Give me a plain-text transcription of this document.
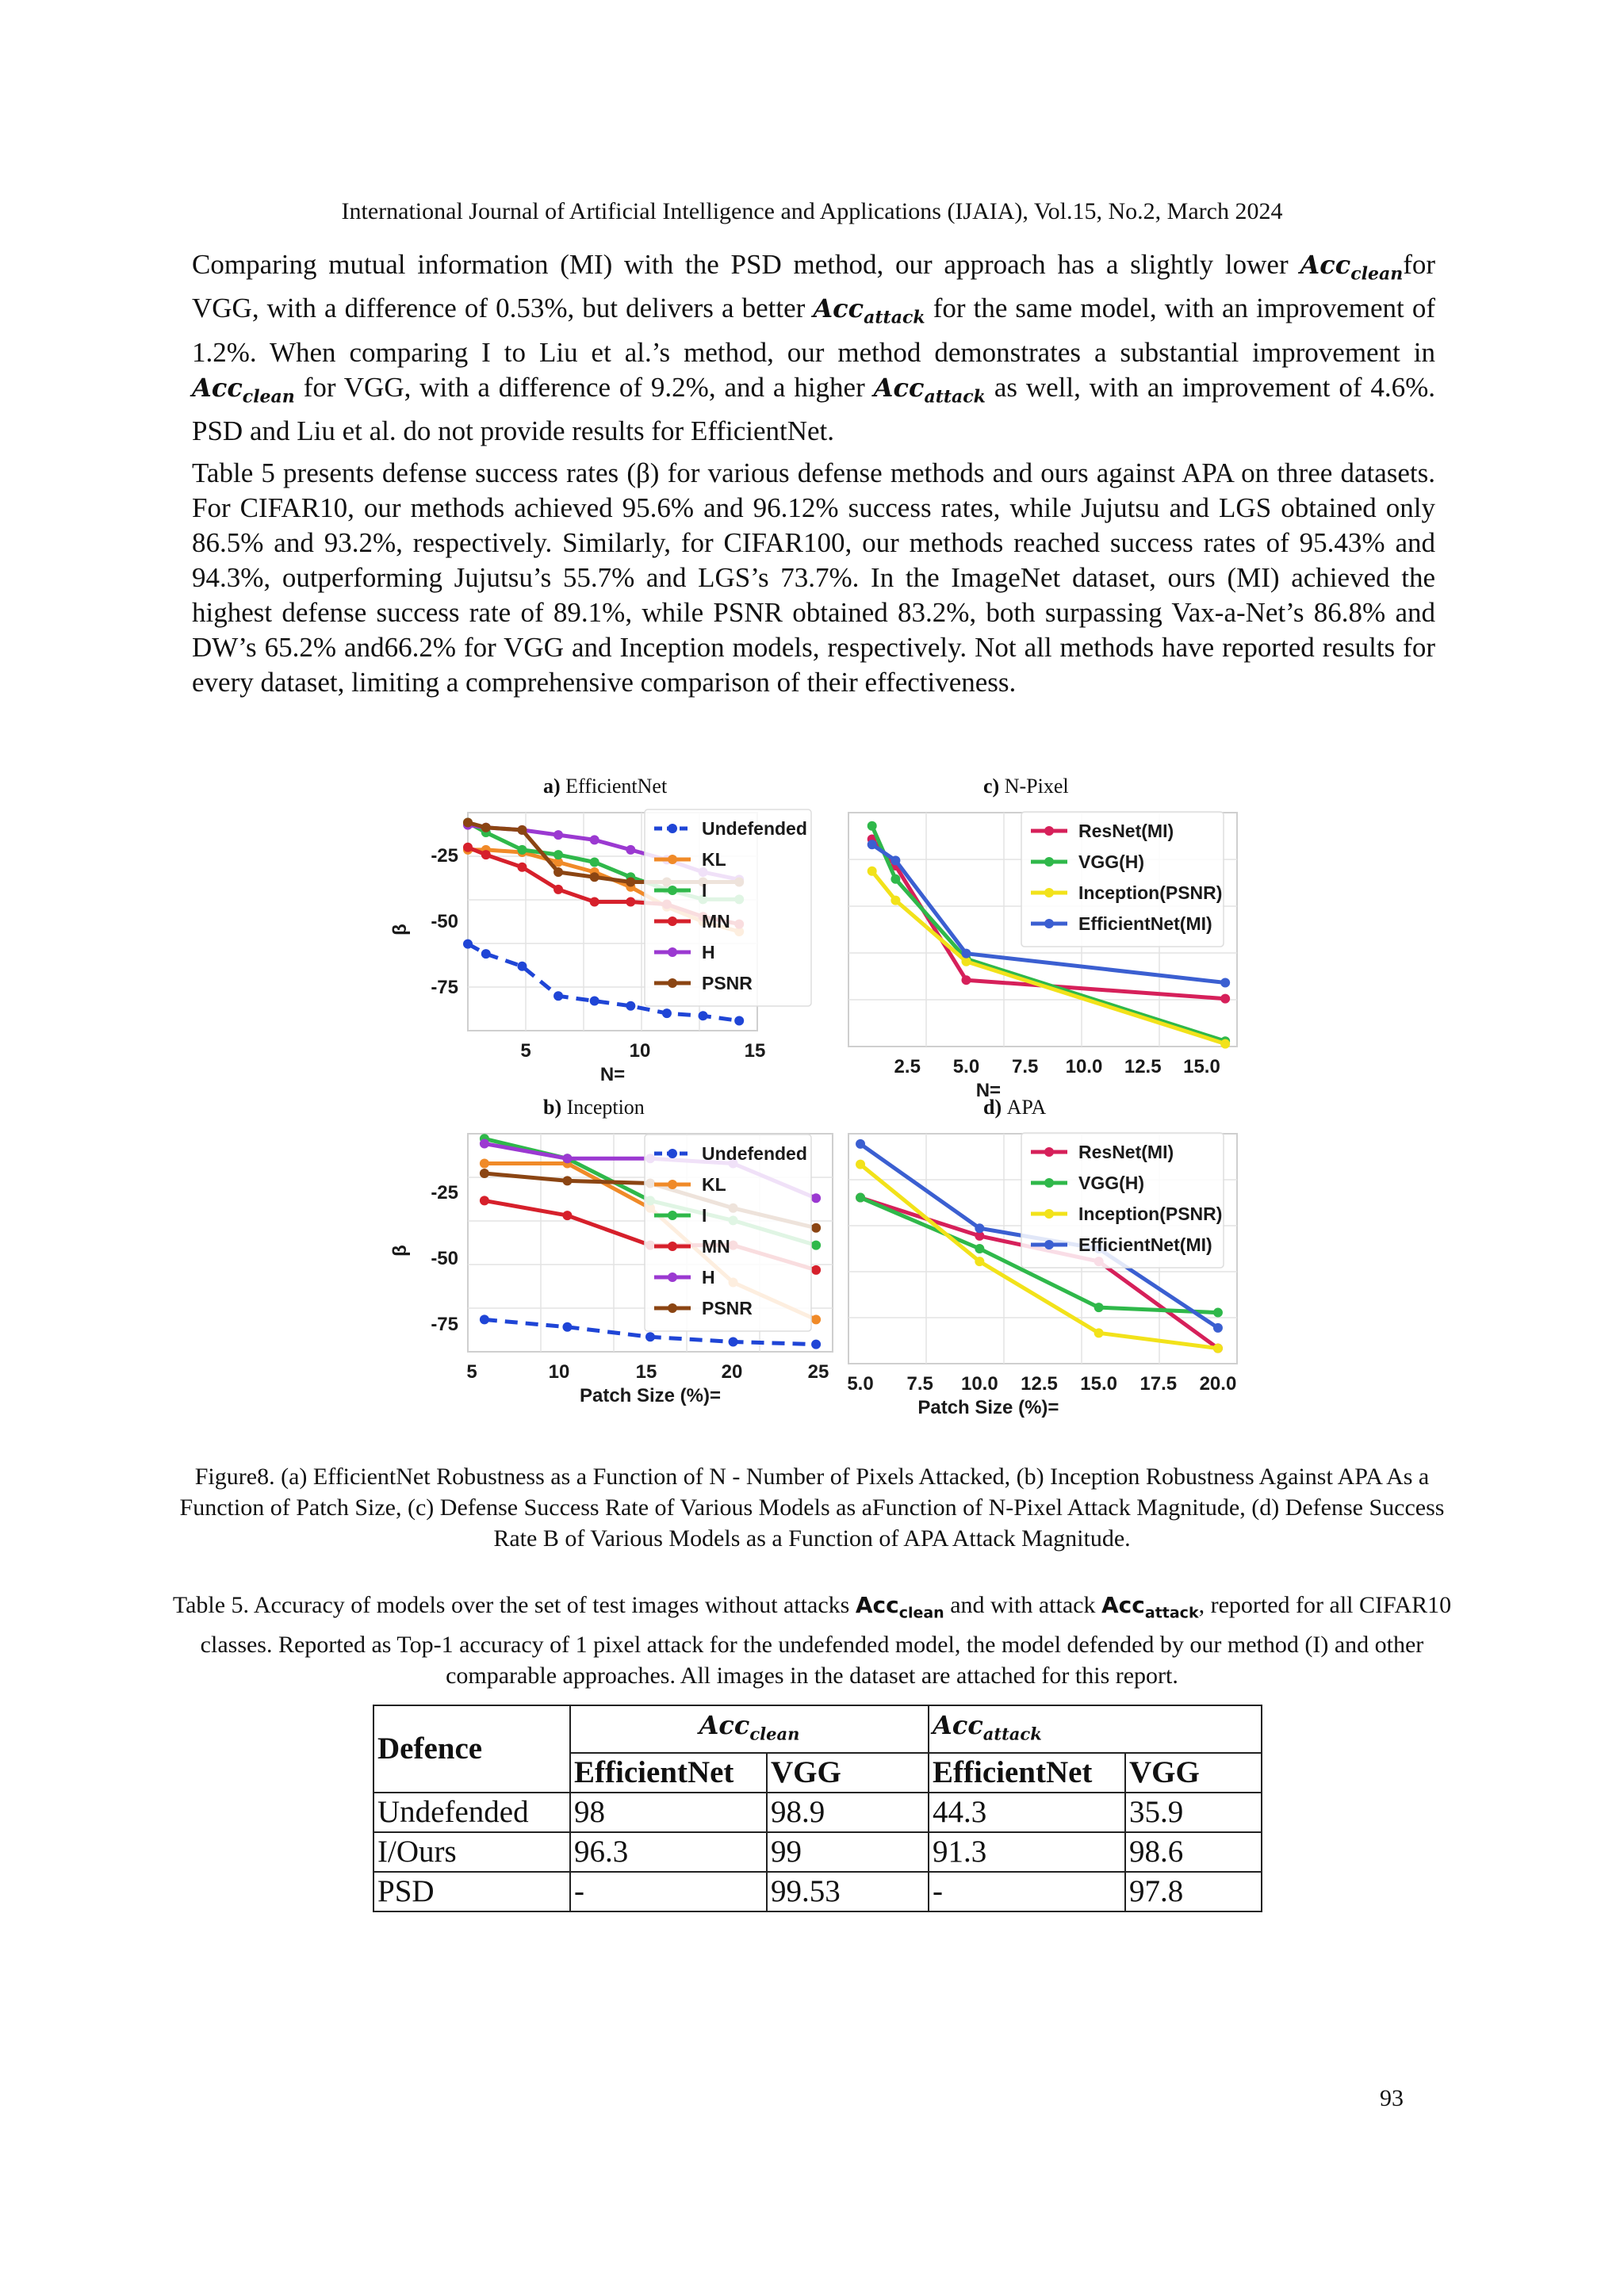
International Journal of Artificial Intelligence and Applications (IJAIA), Vol.15, No.2, March 2024
Comparing mutual information (MI) with the PSD method, our approach has a slightly lower Acc$_{clean}$for VGG, with a difference of 0.53%, but delivers a better Acc$_{attack}$ for the same model, with an improvement of 1.2%. When comparing I to Liu et al.’s method, our method demonstrates a substantial improvement in Acc$_{clean}$ for VGG, with a difference of 9.2%, and a higher Acc$_{attack}$ as well, with an improvement of 4.6%. PSD and Liu et al. do not provide results for EfficientNet.
Table 5 presents defense success rates (β) for various defense methods and ours against APA on three datasets. For CIFAR10, our methods achieved 95.6% and 96.12% success rates, while Jujutsu and LGS obtained only 86.5% and 93.2%, respectively. Similarly, for CIFAR100, our methods reached success rates of 95.43% and 94.3%, outperforming Jujutsu’s 55.7% and LGS’s 73.7%. In the ImageNet dataset, ours (MI) achieved the highest defense success rate of 89.1%, while PSNR obtained 83.2%, both surpassing Vax-a-Net’s 86.8% and DW’s 65.2% and66.2% for VGG and Inception models, respectively. Not all methods have reported results for every dataset, limiting a comprehensive comparison of their effectiveness.
a) EfficientNet
-25
-50
-75
β
5	10	15
N=
Undefended
KL
I
MN
H
PSNR
b) Inception
-25
-50
-75
β
5	10	15	20	25
Patch Size (%)=
Undefended
KL
I
MN
H
PSNR
c) N-Pixel
2.5 5.0 7.5 10.0 12.5 15.0
N=
ResNet(MI)
VGG(H)
Inception(PSNR)
EfficientNet(MI)
d) APA
5.0 7.5 10.0 12.5 15.0 17.5 20.0
Patch Size (%)=
ResNet(MI)
VGG(H)
Inception(PSNR)
EfficientNet(MI)
Figure8. (a) EfficientNet Robustness as a Function of N - Number of Pixels Attacked, (b) Inception Robustness Against APA As a Function of Patch Size, (c) Defense Success Rate of Various Models as aFunction of N-Pixel Attack Magnitude, (d) Defense Success Rate B of Various Models as a Function of APA Attack Magnitude.
Table 5. Accuracy of models over the set of test images without attacks Acc$_{clean}$ and with attack Acc$_{attack}$, reported for all CIFAR10 classes. Reported as Top-1 accuracy of 1 pixel attack for the undefended model, the model defended by our method (I) and other comparable approaches. All images in the dataset are attached for this report.
Defence	Acc$_{clean}$		Acc$_{attack}$
	EfficientNet	VGG	EfficientNet	VGG
Undefended	98	98.9	44.3	35.9
I/Ours	96.3	99	91.3	98.6
PSD	-	99.53	-	97.8
93
